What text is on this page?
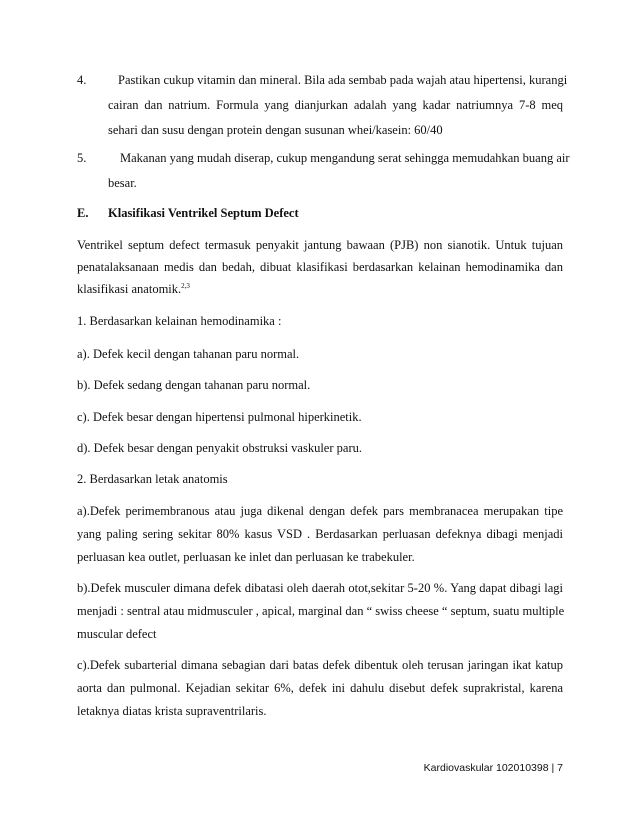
4.	Pastikan cukup vitamin dan mineral. Bila ada sembab pada wajah atau hipertensi, kurangi
cairan dan natrium. Formula yang dianjurkan adalah yang kadar natriumnya 7-8 meq
sehari dan susu dengan protein dengan susunan whei/kasein: 60/40
5.	Makanan yang mudah diserap, cukup mengandung serat sehingga memudahkan buang air
besar.
E. Klasifikasi Ventrikel Septum Defect
Ventrikel septum defect termasuk penyakit jantung bawaan (PJB) non sianotik. Untuk tujuan
penatalaksanaan medis dan bedah, dibuat klasifikasi berdasarkan kelainan hemodinamika dan
klasifikasi anatomik.$^{2,3}$
1. Berdasarkan kelainan hemodinamika :
a). Defek kecil dengan tahanan paru normal.
b). Defek sedang dengan tahanan paru normal.
c). Defek besar dengan hipertensi pulmonal hiperkinetik.
d). Defek besar dengan penyakit obstruksi vaskuler paru.
2. Berdasarkan letak anatomis
a).Defek perimembranous atau juga dikenal dengan defek pars membranacea merupakan tipe
yang paling sering sekitar 80% kasus VSD . Berdasarkan perluasan defeknya dibagi menjadi
perluasan kea outlet, perluasan ke inlet dan perluasan ke trabekuler.
b).Defek musculer dimana defek dibatasi oleh daerah otot,sekitar 5-20 %. Yang dapat dibagi lagi
menjadi : sentral atau midmusculer , apical, marginal dan “ swiss cheese “ septum, suatu multiple
muscular defect
c).Defek subarterial dimana sebagian dari batas defek dibentuk oleh terusan jaringan ikat katup
aorta dan pulmonal. Kejadian sekitar 6%, defek ini dahulu disebut defek suprakristal, karena
letaknya diatas krista supraventrilaris.
Kardiovaskular 102010398 | 7
